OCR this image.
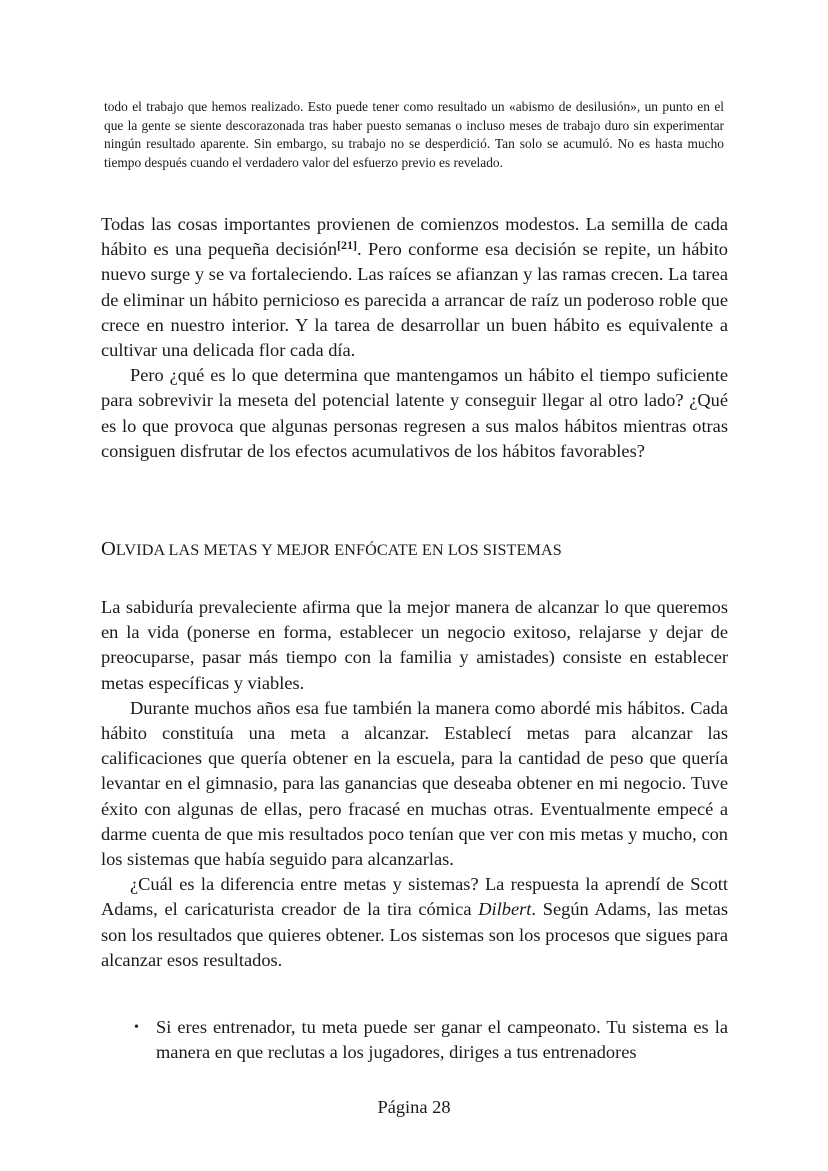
todo el trabajo que hemos realizado. Esto puede tener como resultado un «abismo de desilusión», un punto en el que la gente se siente descorazonada tras haber puesto semanas o incluso meses de trabajo duro sin experimentar ningún resultado aparente. Sin embargo, su trabajo no se desperdició. Tan solo se acumuló. No es hasta mucho tiempo después cuando el verdadero valor del esfuerzo previo es revelado.

Todas las cosas importantes provienen de comienzos modestos. La semilla de cada hábito es una pequeña decisión[21]. Pero conforme esa decisión se repite, un hábito nuevo surge y se va fortaleciendo. Las raíces se afianzan y las ramas crecen. La tarea de eliminar un hábito pernicioso es parecida a arrancar de raíz un poderoso roble que crece en nuestro interior. Y la tarea de desarrollar un buen hábito es equivalente a cultivar una delicada flor cada día.

Pero ¿qué es lo que determina que mantengamos un hábito el tiempo suficiente para sobrevivir la meseta del potencial latente y conseguir llegar al otro lado? ¿Qué es lo que provoca que algunas personas regresen a sus malos hábitos mientras otras consiguen disfrutar de los efectos acumulativos de los hábitos favorables?

OLVIDA LAS METAS Y MEJOR ENFÓCATE EN LOS SISTEMAS

La sabiduría prevaleciente afirma que la mejor manera de alcanzar lo que queremos en la vida (ponerse en forma, establecer un negocio exitoso, relajarse y dejar de preocuparse, pasar más tiempo con la familia y amistades) consiste en establecer metas específicas y viables.

Durante muchos años esa fue también la manera como abordé mis hábitos. Cada hábito constituía una meta a alcanzar. Establecí metas para alcanzar las calificaciones que quería obtener en la escuela, para la cantidad de peso que quería levantar en el gimnasio, para las ganancias que deseaba obtener en mi negocio. Tuve éxito con algunas de ellas, pero fracasé en muchas otras. Eventualmente empecé a darme cuenta de que mis resultados poco tenían que ver con mis metas y mucho, con los sistemas que había seguido para alcanzarlas.

¿Cuál es la diferencia entre metas y sistemas? La respuesta la aprendí de Scott Adams, el caricaturista creador de la tira cómica Dilbert. Según Adams, las metas son los resultados que quieres obtener. Los sistemas son los procesos que sigues para alcanzar esos resultados.

• Si eres entrenador, tu meta puede ser ganar el campeonato. Tu sistema es la manera en que reclutas a los jugadores, diriges a tus entrenadores
Página 28
